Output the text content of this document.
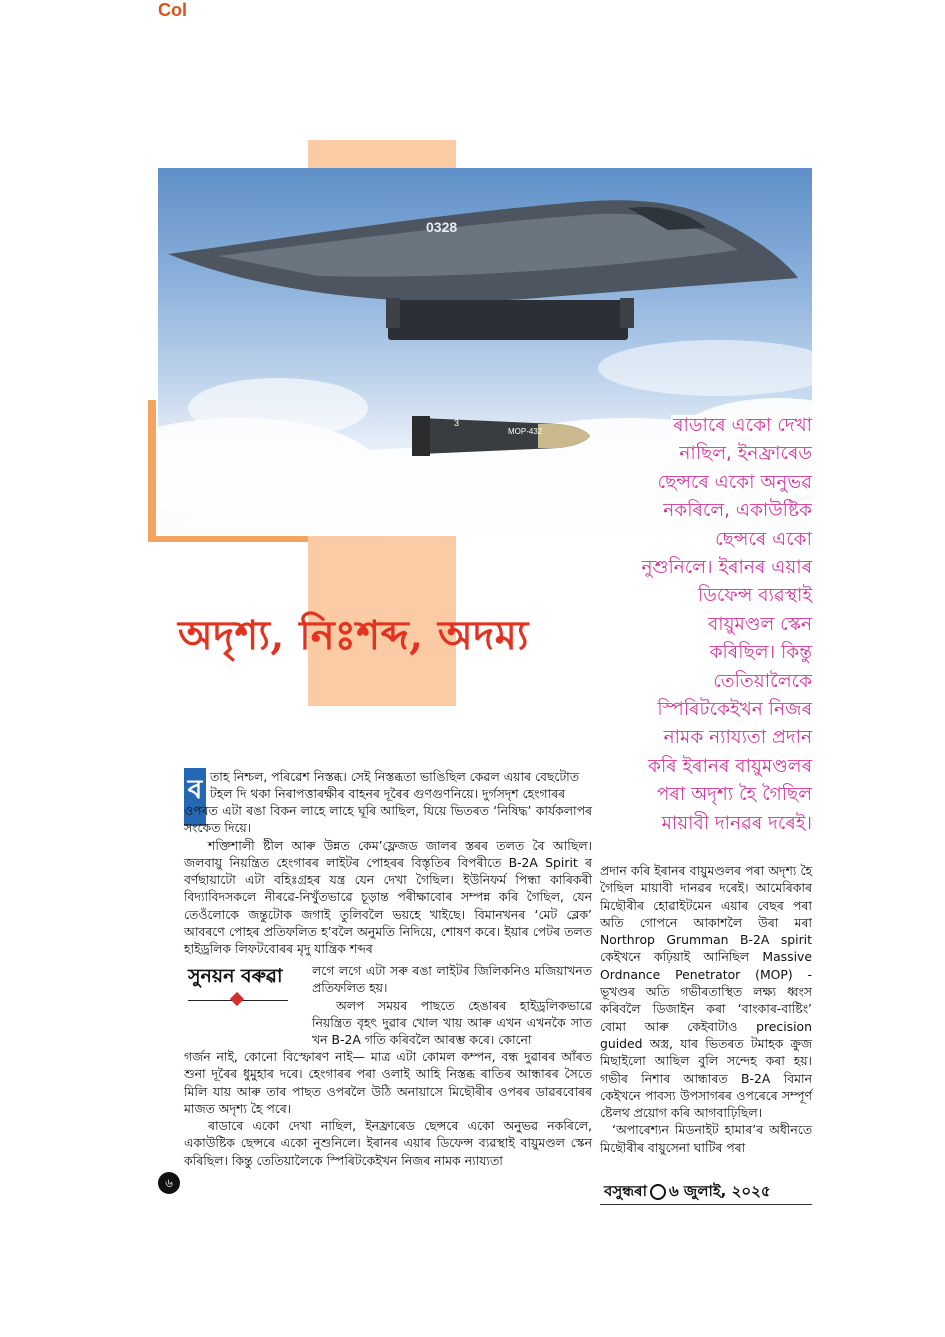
Col
0328
3
MOP-432	ৰাডাৰে একো দেখা
নাছিল, ইনফ্ৰাৰেড
ছেন্সৰে একো অনুভৱ
নকৰিলে, একাউষ্টিক
ছেন্সৰে একো
নুশুনিলে। ইৰানৰ এয়াৰ
ডিফেন্স ব্যৱস্থাই
বায়ুমণ্ডল স্কেন
কৰিছিল। কিন্তু
তেতিয়ালৈকে
স্পিৰিটকেইখন নিজৰ
নামক ন্যায্যতা প্ৰদান
কৰি ইৰানৰ বায়ুমণ্ডলৰ
পৰা অদৃশ্য হৈ গৈছিল
মায়াবী দানৱৰ দৰেই।
অদৃশ্য, নিঃশব্দ, অদম্য
ব তাহ নিশ্চল, পৰিৱেশ নিস্তব্ধ। সেই নিস্তব্ধতা ভাঙিছিল কেৱল এয়াৰ বেছটোত
টহল দি থকা নিৰাপত্তাৰক্ষীৰ বাহনৰ দূৰৈৰ গুণগুণনিয়ে। দুৰ্গসদৃশ হেংগাৰৰ
ওপৰত এটা ৰঙা বিকন লাহে লাহে ঘূৰি আছিল, যিয়ে ভিতৰত ‘নিষিদ্ধ’ কাৰ্যকলাপৰ সংকেত দিয়ে।
শক্তিশালী ষ্টীল আৰু উন্নত কেম’ফ্লেজড জালৰ স্তৰৰ তলত ৰৈ আছিল। জলবায়ু নিয়ন্ত্ৰিত হেংগাৰৰ লাইটৰ পোহৰৰ বিস্তৃতিৰ বিপৰীতে B-2A Spirit ৰ বৰ্ণছায়াটো এটা বহিঃগ্ৰহৰ যন্ত্ৰ যেন দেখা গৈছিল। ইউনিফৰ্ম পিন্ধা কাৰিকৰী বিদ্যাবিদসকলে নীৰৱে-নিখুঁতভাৱে চূড়ান্ত পৰীক্ষাবোৰ সম্পন্ন কৰি গৈছিল, যেন তেওঁলোকে জন্তুটোক জগাই তুলিবলৈ ভয়হে খাইছে। বিমানখনৰ ‘মেট ব্লেক’ আবৰণে পোহৰ প্ৰতিফলিত হ’বলৈ অনুমতি নিদিয়ে, শোষণ কৰে। ইয়াৰ পেটৰ তলত হাইড্ৰলিক লিফটবোৰৰ মৃদু যান্ত্ৰিক শব্দৰ
লগে লগে এটা সৰু ৰঙা লাইটৰ জিলিকনিও মজিয়াখনত প্ৰতিফলিত হয়।
অলপ সময়ৰ পাছতে হেঙাৰৰ হাইড্ৰলিকভাৱে নিয়ন্ত্ৰিত বৃহৎ দুৱাৰ খোল খায় আৰু এখন এখনকৈ সাত খন B-2A গতি কৰিবলৈ আৰম্ভ কৰে। কোনো
সুনয়ন বৰুৱা
গৰ্জন নাই, কোনো বিস্ফোৰণ নাই— মাত্ৰ এটা কোমল কম্পন, বন্ধ দুৱাৰৰ আঁৰত শুনা দূৰৈৰ ধুমুহাৰ দৰে। হেংগাৰৰ পৰা ওলাই আহি নিস্তব্ধ ৰাতিৰ আন্ধাৰৰ সৈতে মিলি যায় আৰু তাৰ পাছত ওপৰলৈ উঠি অনায়াসে মিছৌৰীৰ ওপৰৰ ডাৱৰবোৰৰ মাজত অদৃশ্য হৈ পৰে।
ৰাডাৰে একো দেখা নাছিল, ইনফ্ৰাৰেড ছেন্সৰে একো অনুভৱ নকৰিলে, একাউষ্টিক ছেন্সৰে একো নুশুনিলে। ইৰানৰ এয়াৰ ডিফেন্স ব্যৱস্থাই বায়ুমণ্ডল স্কেন কৰিছিল। কিন্তু তেতিয়ালৈকে স্পিৰিটকেইখন নিজৰ নামক ন্যায্যতা
প্ৰদান কৰি ইৰানৰ বায়ুমণ্ডলৰ পৰা অদৃশ্য হৈ গৈছিল মায়াবী দানৱৰ দৰেই। আমেৰিকাৰ মিছৌৰীৰ হোৱাইটমেন এয়াৰ বেছৰ পৰা অতি গোপনে আকাশলৈ উৰা মৰা Northrop Grumman B-2A spirit কেইখনে কঢ়িয়াই আনিছিল Massive Ordnance Penetrator (MOP) - ভূখণ্ডৰ অতি গভীৰতাস্থিত লক্ষ্য ধ্বংস কৰিবলৈ ডিজাইন কৰা ‘বাংকাৰ-বাষ্টিং’ বোমা আৰু কেইবাটাও precision guided অস্ত্ৰ, যাৰ ভিতৰত টমাহক ক্ৰুজ মিছাইলো আছিল বুলি সন্দেহ কৰা হয়। গভীৰ নিশাৰ আন্ধাৰত B-2A বিমান কেইখনে পাবস্য উপসাগৰৰ ওপৰেৰে সম্পূৰ্ণ ষ্টেলথ প্ৰয়োগ কৰি আগবাঢ়িছিল।
‘অপাৰেশ্যন মিডনাইট হামাৰ’ৰ অধীনতে মিছৌৰীৰ বায়ুসেনা ঘাটিৰ পৰা
৬	বসুন্ধৰা ৬ জুলাই, ২০২৫
